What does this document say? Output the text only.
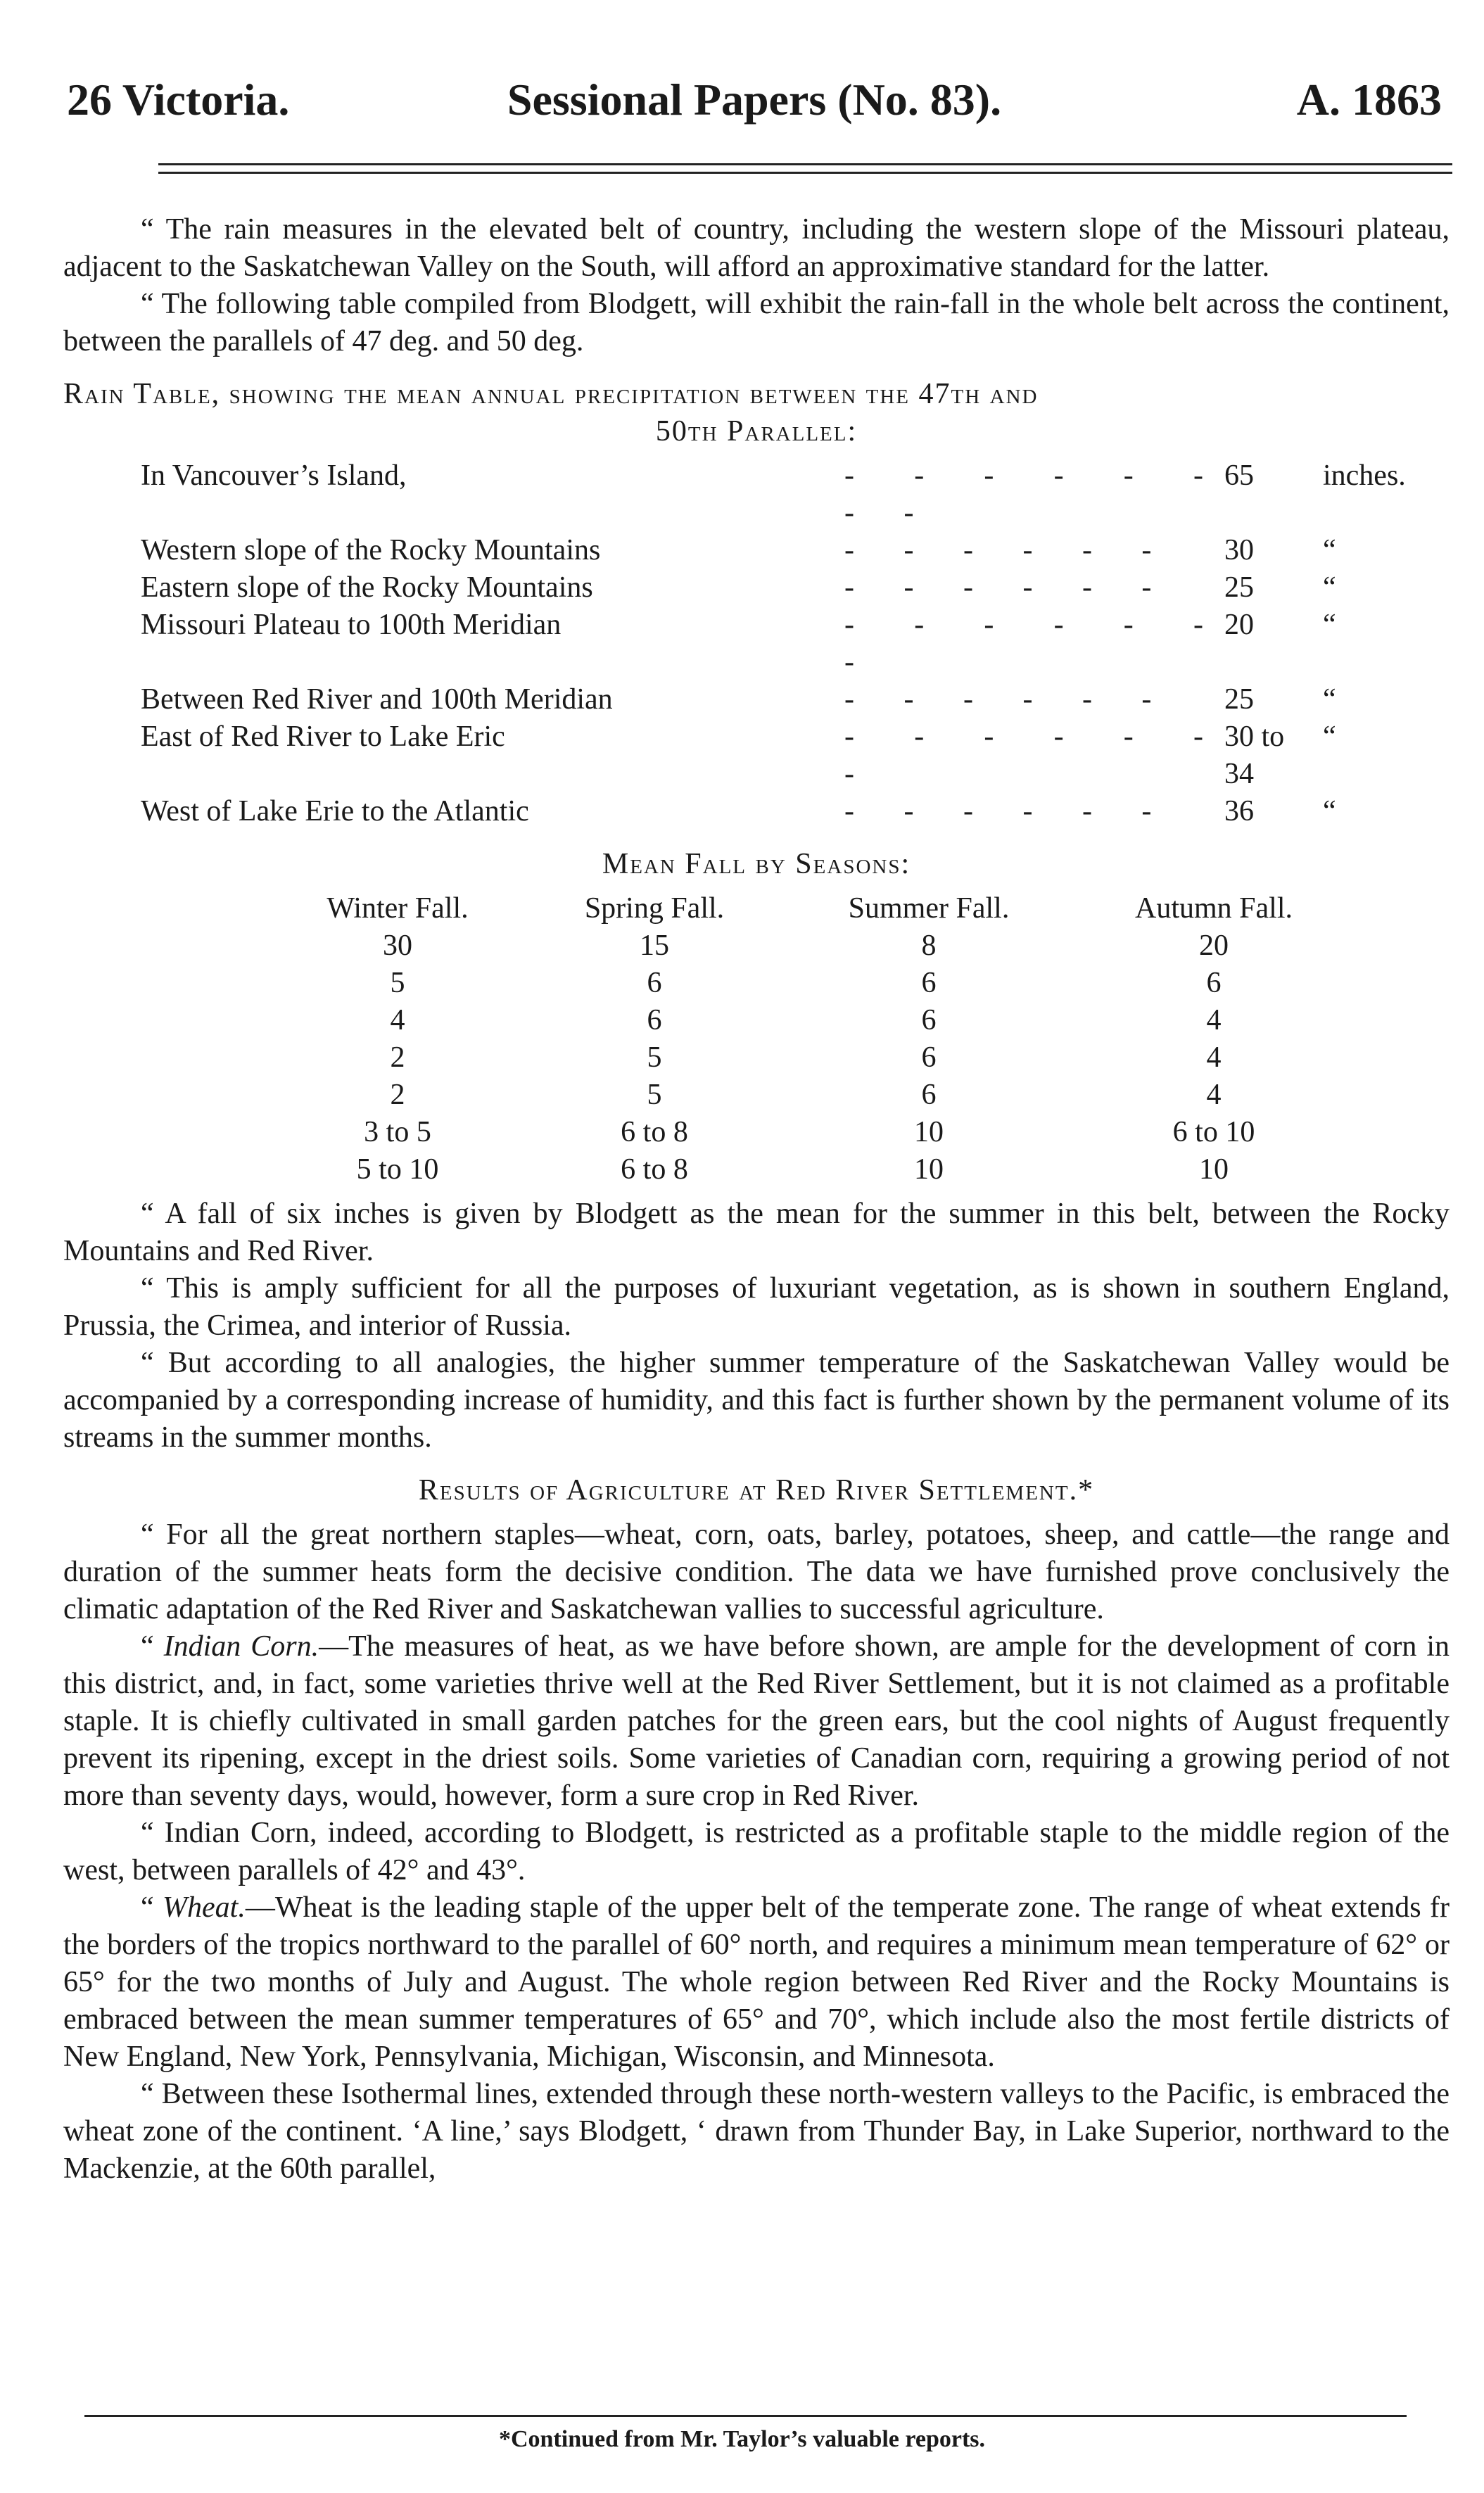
26 Victoria.	Sessional Papers (No. 83).	A. 1863

“ The rain measures in the elevated belt of country, including the western slope of the Missouri plateau, adjacent to the Saskatchewan Valley on the South, will afford an approximative standard for the latter.

“ The following table compiled from Blodgett, will exhibit the rain-fall in the whole belt across the continent, between the parallels of 47 deg. and 50 deg.

Rain Table, showing the mean annual precipitation between the 47th and
50th Parallel:
In Vancouver’s Island,	- - - - - - - -	65	inches.
Western slope of the Rocky Mountains	- - - - - -	30	“
Eastern slope of the Rocky Mountains	- - - - - -	25	“
Missouri Plateau to 100th Meridian	- - - - - - -	20	“
Between Red River and 100th Meridian	- - - - - -	25	“
East of Red River to Lake Eric	- - - - - - -	30 to 34	“
West of Lake Erie to the Atlantic	- - - - - -	36	“
Mean Fall by Seasons:
Winter Fall.	Spring Fall.	Summer Fall.	Autumn Fall.
30	15	8	20
5	6	6	6
4	6	6	4
2	5	6	4
2	5	6	4
3 to 5	6 to 8	10	6 to 10
5 to 10	6 to 8	10	10

“ A fall of six inches is given by Blodgett as the mean for the summer in this belt, between the Rocky Mountains and Red River.

“ This is amply sufficient for all the purposes of luxuriant vegetation, as is shown in southern England, Prussia, the Crimea, and interior of Russia.

“ But according to all analogies, the higher summer temperature of the Saskatchewan Valley would be accompanied by a corresponding increase of humidity, and this fact is further shown by the permanent volume of its streams in the summer months.

Results of Agriculture at Red River Settlement.*

“ For all the great northern staples—wheat, corn, oats, barley, potatoes, sheep, and cattle—the range and duration of the summer heats form the decisive condition. The data we have furnished prove conclusively the climatic adaptation of the Red River and Saskatchewan vallies to successful agriculture.

“ Indian Corn.—The measures of heat, as we have before shown, are ample for the development of corn in this district, and, in fact, some varieties thrive well at the Red River Settlement, but it is not claimed as a profitable staple. It is chiefly cultivated in small garden patches for the green ears, but the cool nights of August frequently prevent its ripening, except in the driest soils. Some varieties of Canadian corn, requiring a growing period of not more than seventy days, would, however, form a sure crop in Red River.

“ Indian Corn, indeed, according to Blodgett, is restricted as a profitable staple to the middle region of the west, between parallels of 42° and 43°.

“ Wheat.—Wheat is the leading staple of the upper belt of the temperate zone. The range of wheat extends fr the borders of the tropics northward to the parallel of 60° north, and requires a minimum mean temperature of 62° or 65° for the two months of July and August. The whole region between Red River and the Rocky Mountains is embraced between the mean summer temperatures of 65° and 70°, which include also the most fertile districts of New England, New York, Pennsylvania, Michigan, Wisconsin, and Minnesota.

“ Between these Isothermal lines, extended through these north-western valleys to the Pacific, is embraced the wheat zone of the continent. ‘A line,’ says Blodgett, ‘ drawn from Thunder Bay, in Lake Superior, northward to the Mackenzie, at the 60th parallel,

*Continued from Mr. Taylor’s valuable reports.
